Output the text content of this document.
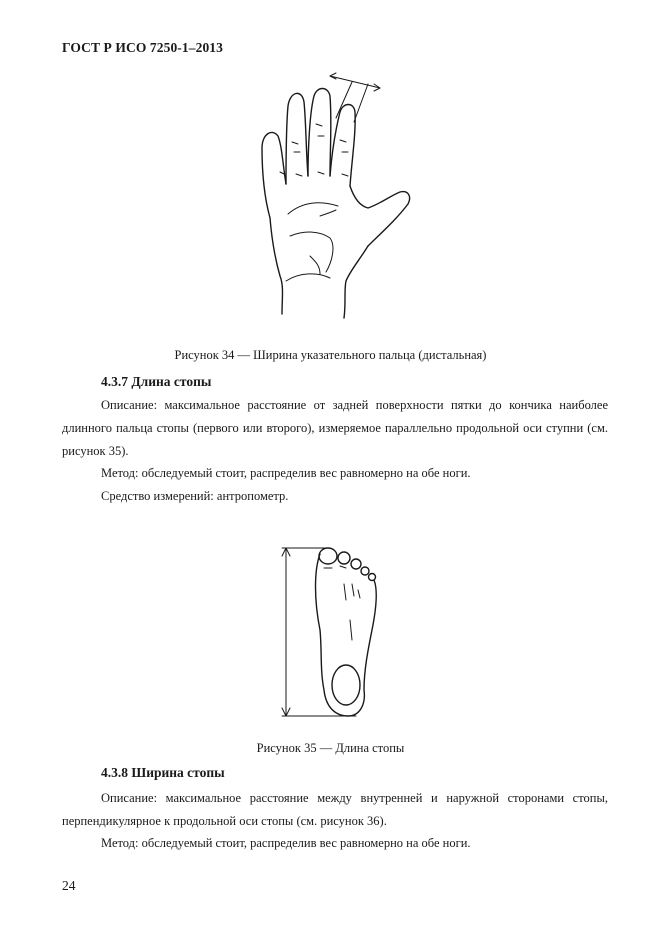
ГОСТ Р ИСО 7250-1–2013
Рисунок 34 — Ширина указательного пальца (дистальная)
4.3.7 Длина стопы
Описание: максимальное расстояние от задней поверхности пятки до кончика наиболее длинного пальца стопы (первого или второго), измеряемое параллельно продольной оси ступни (см. рисунок 35).
Метод: обследуемый стоит, распределив вес равномерно на обе ноги.
Средство измерений: антропометр.
Рисунок 35 — Длина стопы
4.3.8 Ширина стопы
Описание: максимальное расстояние между внутренней и наружной сторонами стопы, перпендикулярное к продольной оси стопы (см. рисунок 36).
Метод: обследуемый стоит, распределив вес равномерно на обе ноги.
24
